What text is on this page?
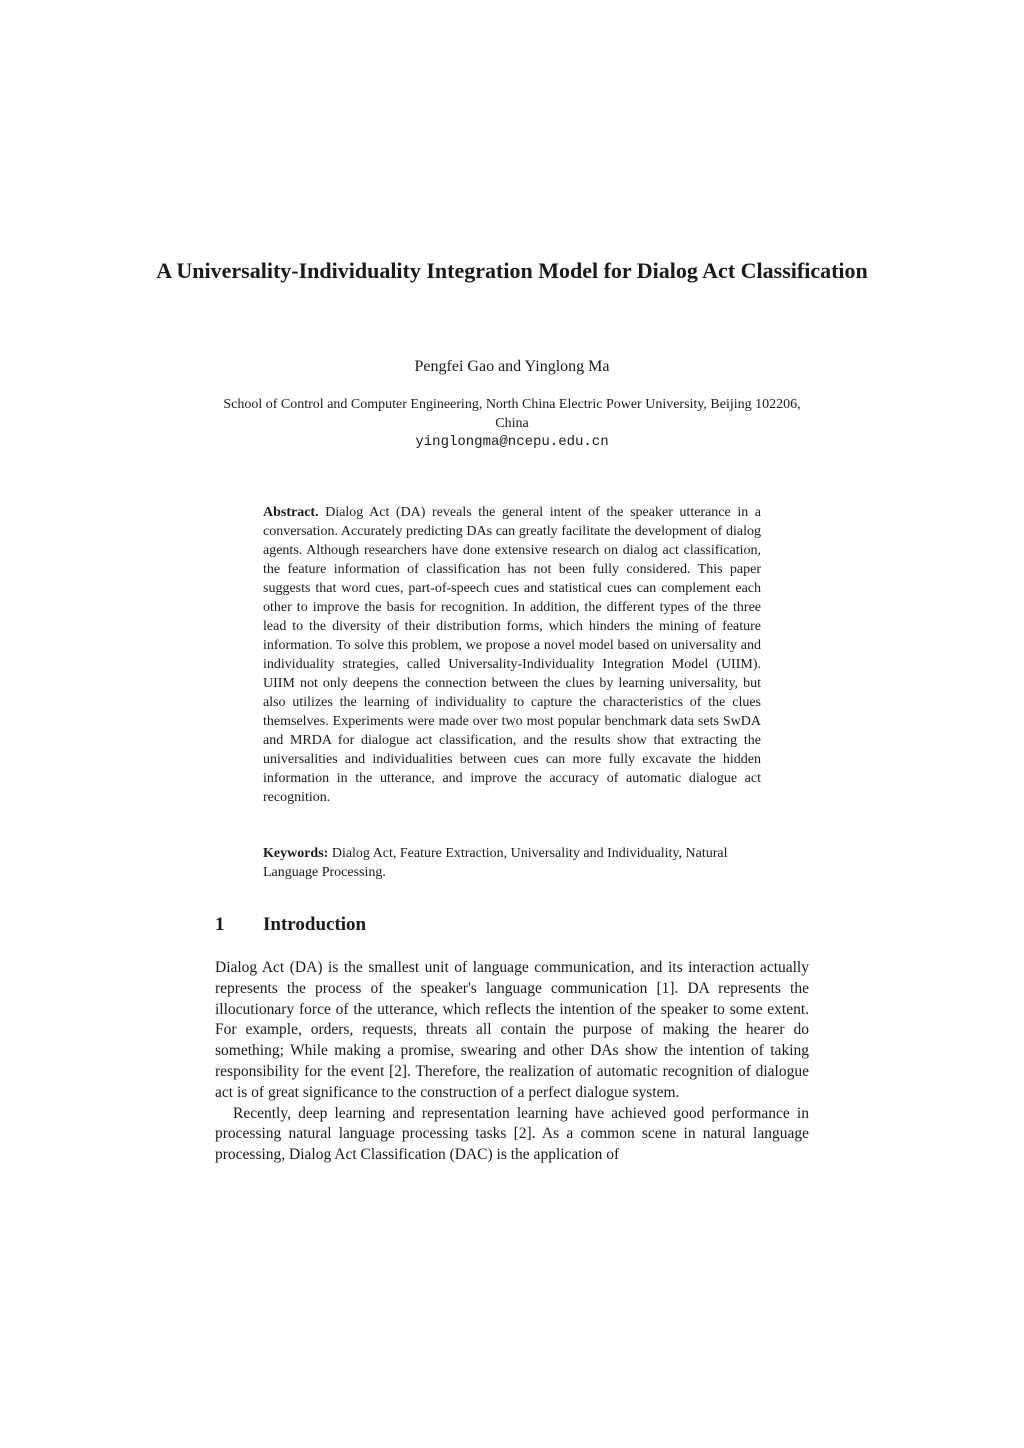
A Universality-Individuality Integration Model for Dialog Act Classification
Pengfei Gao and Yinglong Ma
School of Control and Computer Engineering, North China Electric Power University, Beijing 102206, China
yinglongma@ncepu.edu.cn

Abstract. Dialog Act (DA) reveals the general intent of the speaker utterance in a conversation. Accurately predicting DAs can greatly facilitate the development of dialog agents. Although researchers have done extensive research on dialog act classification, the feature information of classification has not been fully considered. This paper suggests that word cues, part-of-speech cues and statistical cues can complement each other to improve the basis for recognition. In addition, the different types of the three lead to the diversity of their distribution forms, which hinders the mining of feature information. To solve this problem, we propose a novel model based on universality and individuality strategies, called Universality-Individuality Integration Model (UIIM). UIIM not only deepens the connection between the clues by learning universality, but also utilizes the learning of individuality to capture the characteristics of the clues themselves. Experiments were made over two most popular benchmark data sets SwDA and MRDA for dialogue act classification, and the results show that extracting the universalities and individualities between cues can more fully excavate the hidden information in the utterance, and improve the accuracy of automatic dialogue act recognition.

Keywords: Dialog Act, Feature Extraction, Universality and Individuality, Natural Language Processing.
1 Introduction

Dialog Act (DA) is the smallest unit of language communication, and its interaction actually represents the process of the speaker's language communication [1]. DA represents the illocutionary force of the utterance, which reflects the intention of the speaker to some extent. For example, orders, requests, threats all contain the purpose of making the hearer do something; While making a promise, swearing and other DAs show the intention of taking responsibility for the event [2]. Therefore, the realization of automatic recognition of dialogue act is of great significance to the construction of a perfect dialogue system.

Recently, deep learning and representation learning have achieved good performance in processing natural language processing tasks [2]. As a common scene in natural language processing, Dialog Act Classification (DAC) is the application of
